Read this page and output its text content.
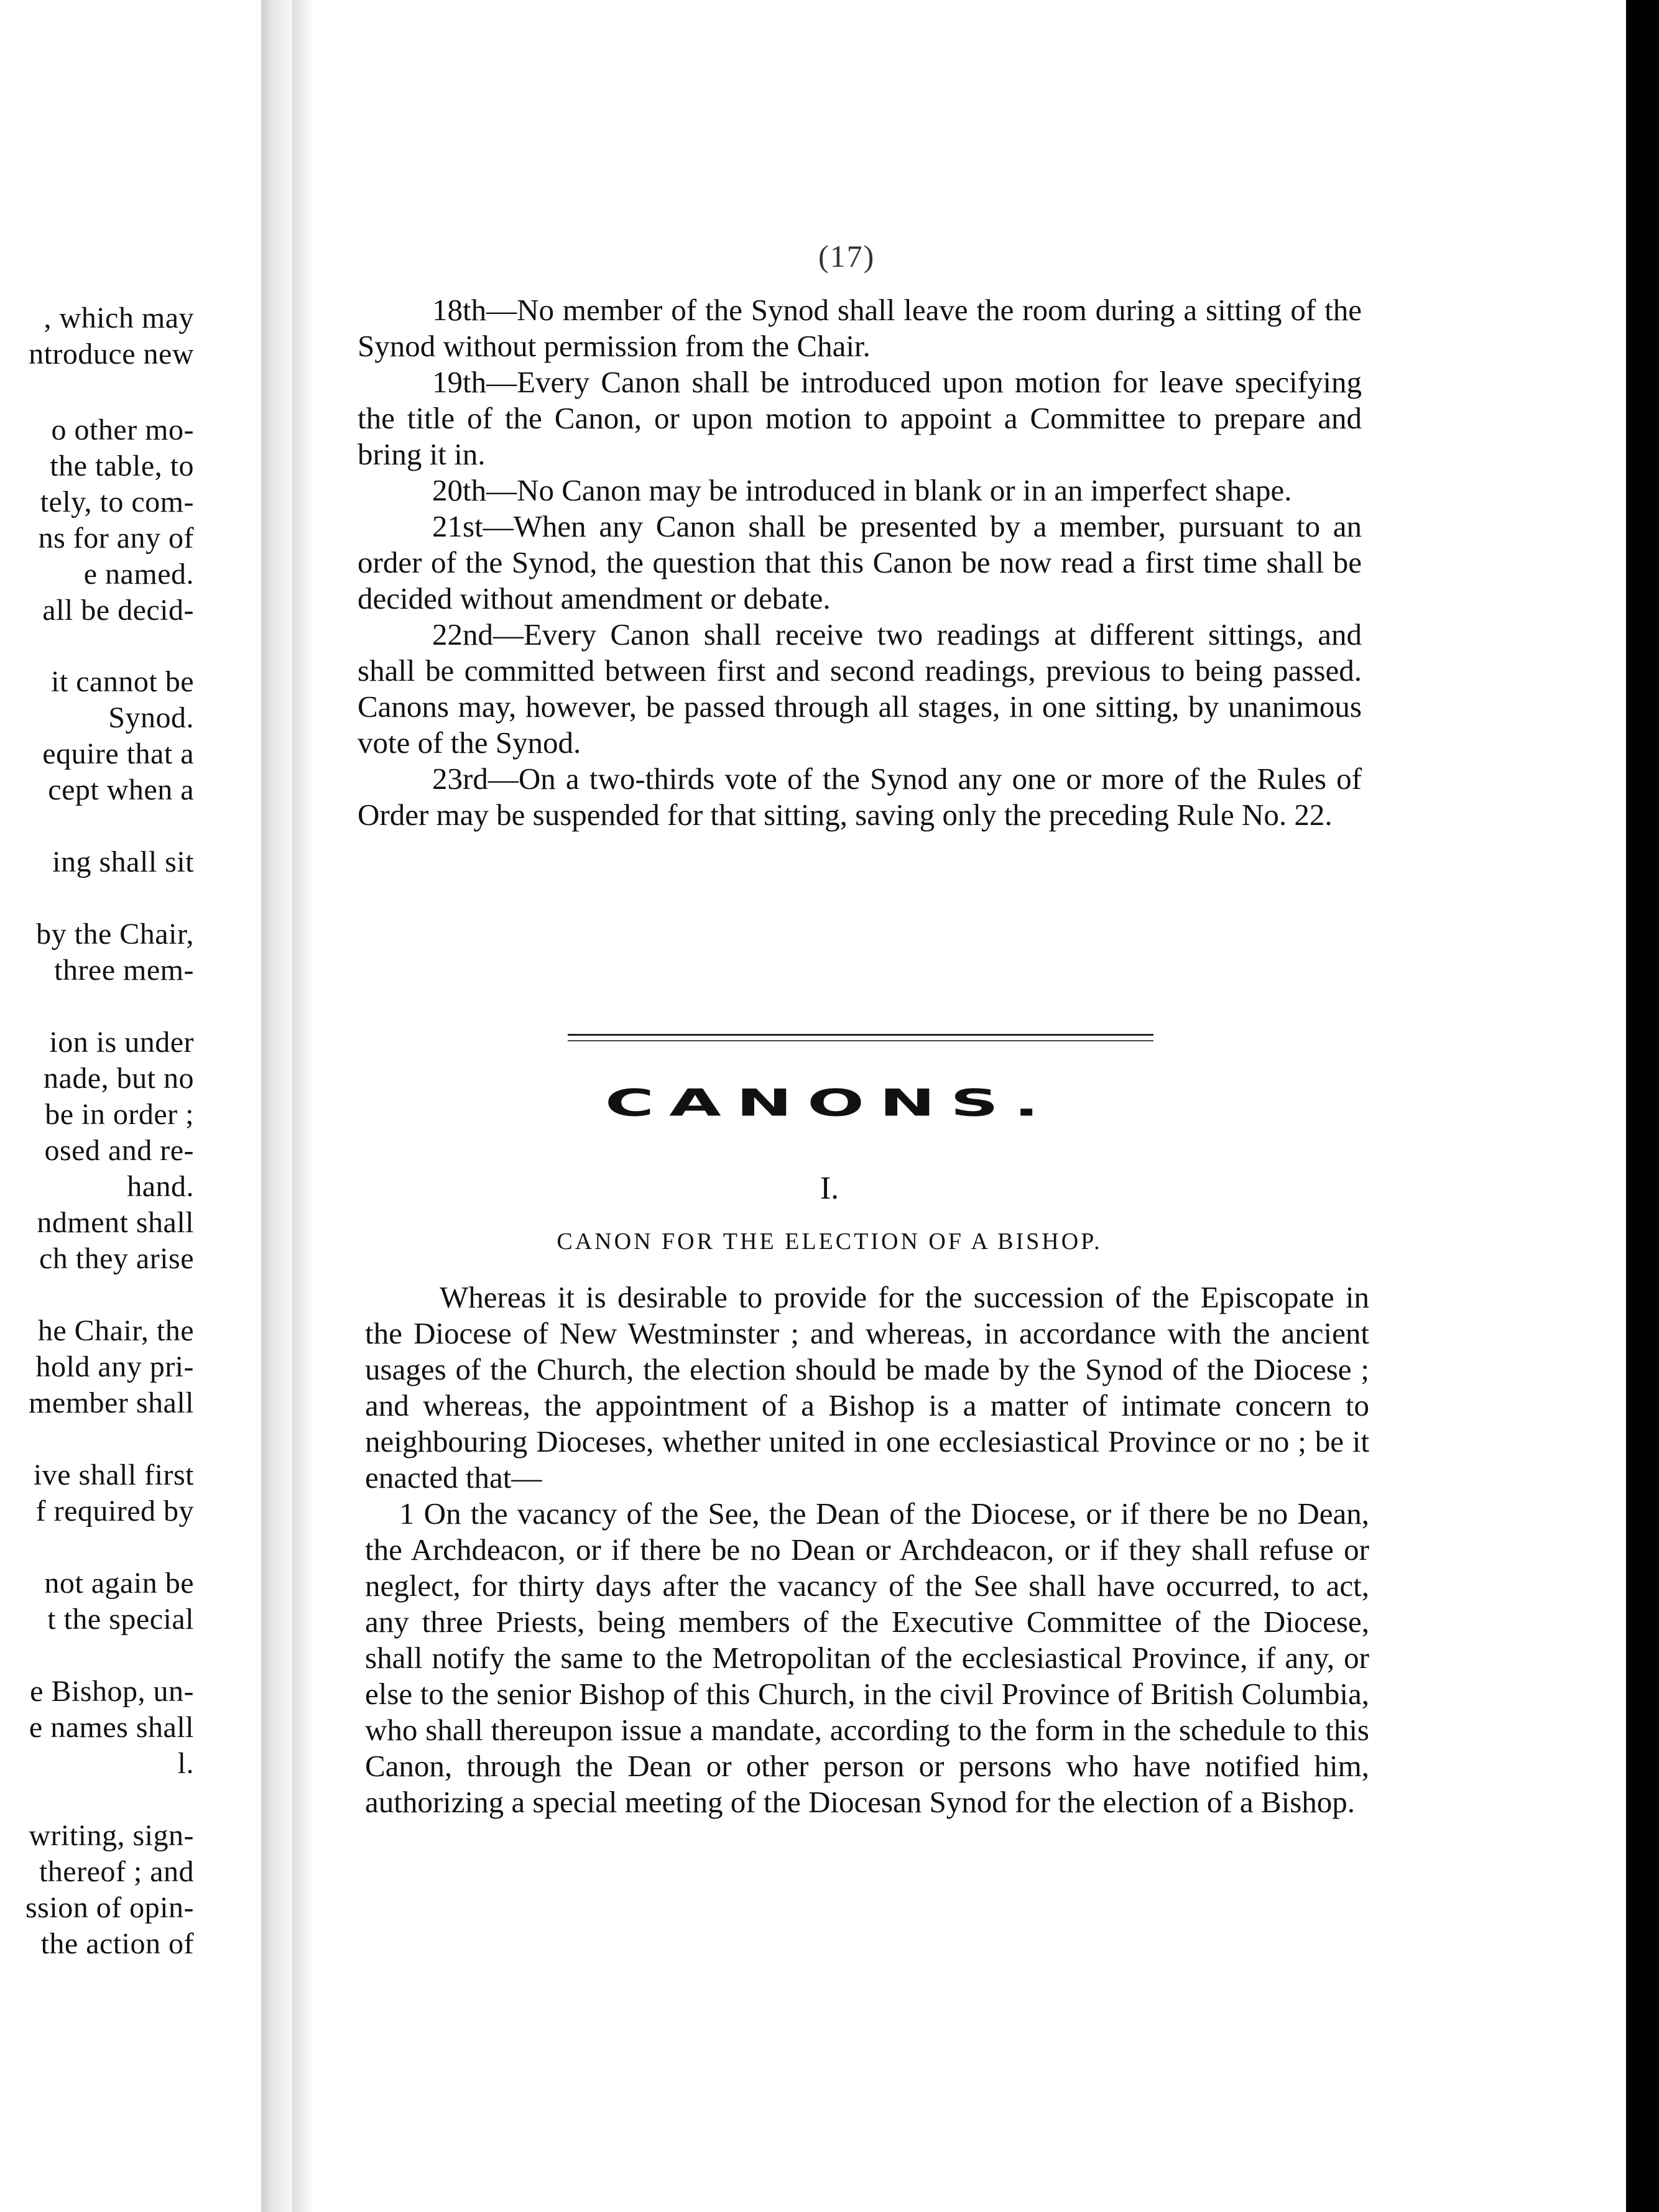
, which may
ntroduce new
o other mo-
the table, to
tely, to com-
ns for any of
e named.
all be decid-
it cannot be
Synod.
equire that a
cept when a
ing shall sit
by the Chair,
three mem-
ion is under
nade, but no
be in order ;
osed and re-
hand.
ndment shall
ch they arise
he Chair, the
hold any pri-
member shall
ive shall first
f required by
not again be
t the special
e Bishop, un-
e names shall
l.
writing, sign-
thereof ; and
ssion of opin-
the action of
(17)

18th—No member of the Synod shall leave the room during a sitting of the Synod without permission from the Chair.

19th—Every Canon shall be introduced upon motion for leave specifying the title of the Canon, or upon motion to appoint a Committee to prepare and bring it in.

20th—No Canon may be introduced in blank or in an imperfect shape.

21st—When any Canon shall be presented by a member, pursuant to an order of the Synod, the question that this Canon be now read a first time shall be decided without amendment or debate.

22nd—Every Canon shall receive two readings at different sittings, and shall be committed between first and second readings, previous to being passed. Canons may, however, be passed through all stages, in one sitting, by unanimous vote of the Synod.

23rd—On a two-thirds vote of the Synod any one or more of the Rules of Order may be suspended for that sitting, saving only the preceding Rule No. 22.

CANONS.
I.
CANON FOR THE ELECTION OF A BISHOP.

Whereas it is desirable to provide for the succession of the Episcopate in the Diocese of New Westminster ; and whereas, in accordance with the ancient usages of the Church, the election should be made by the Synod of the Diocese ; and whereas, the appointment of a Bishop is a matter of intimate concern to neighbouring Dioceses, whether united in one ecclesiastical Province or no ; be it enacted that—

1 On the vacancy of the See, the Dean of the Diocese, or if there be no Dean, the Archdeacon, or if there be no Dean or Archdeacon, or if they shall refuse or neglect, for thirty days after the vacancy of the See shall have occurred, to act, any three Priests, being members of the Executive Committee of the Diocese, shall notify the same to the Metropolitan of the ecclesiastical Province, if any, or else to the senior Bishop of this Church, in the civil Province of British Columbia, who shall thereupon issue a mandate, according to the form in the schedule to this Canon, through the Dean or other person or persons who have notified him, authorizing a special meeting of the Diocesan Synod for the election of a Bishop.
